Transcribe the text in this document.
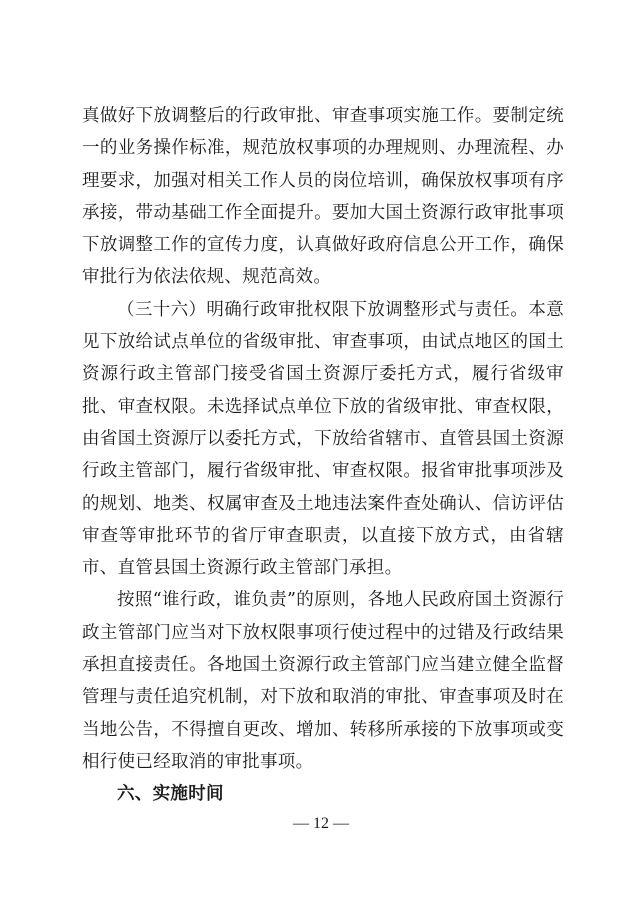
真做好下放调整后的行政审批、审查事项实施工作。要制定统一的业务操作标准，规范放权事项的办理规则、办理流程、办理要求，加强对相关工作人员的岗位培训，确保放权事项有序承接，带动基础工作全面提升。要加大国土资源行政审批事项下放调整工作的宣传力度，认真做好政府信息公开工作，确保审批行为依法依规、规范高效。

（三十六）明确行政审批权限下放调整形式与责任。本意见下放给试点单位的省级审批、审查事项，由试点地区的国土资源行政主管部门接受省国土资源厅委托方式，履行省级审批、审查权限。未选择试点单位下放的省级审批、审查权限，由省国土资源厅以委托方式，下放给省辖市、直管县国土资源行政主管部门，履行省级审批、审查权限。报省审批事项涉及的规划、地类、权属审查及土地违法案件查处确认、信访评估审查等审批环节的省厅审查职责，以直接下放方式，由省辖市、直管县国土资源行政主管部门承担。

按照“谁行政，谁负责”的原则，各地人民政府国土资源行政主管部门应当对下放权限事项行使过程中的过错及行政结果承担直接责任。各地国土资源行政主管部门应当建立健全监督管理与责任追究机制，对下放和取消的审批、审查事项及时在当地公告，不得擅自更改、增加、转移所承接的下放事项或变相行使已经取消的审批事项。

六、实施时间

— 12 —
